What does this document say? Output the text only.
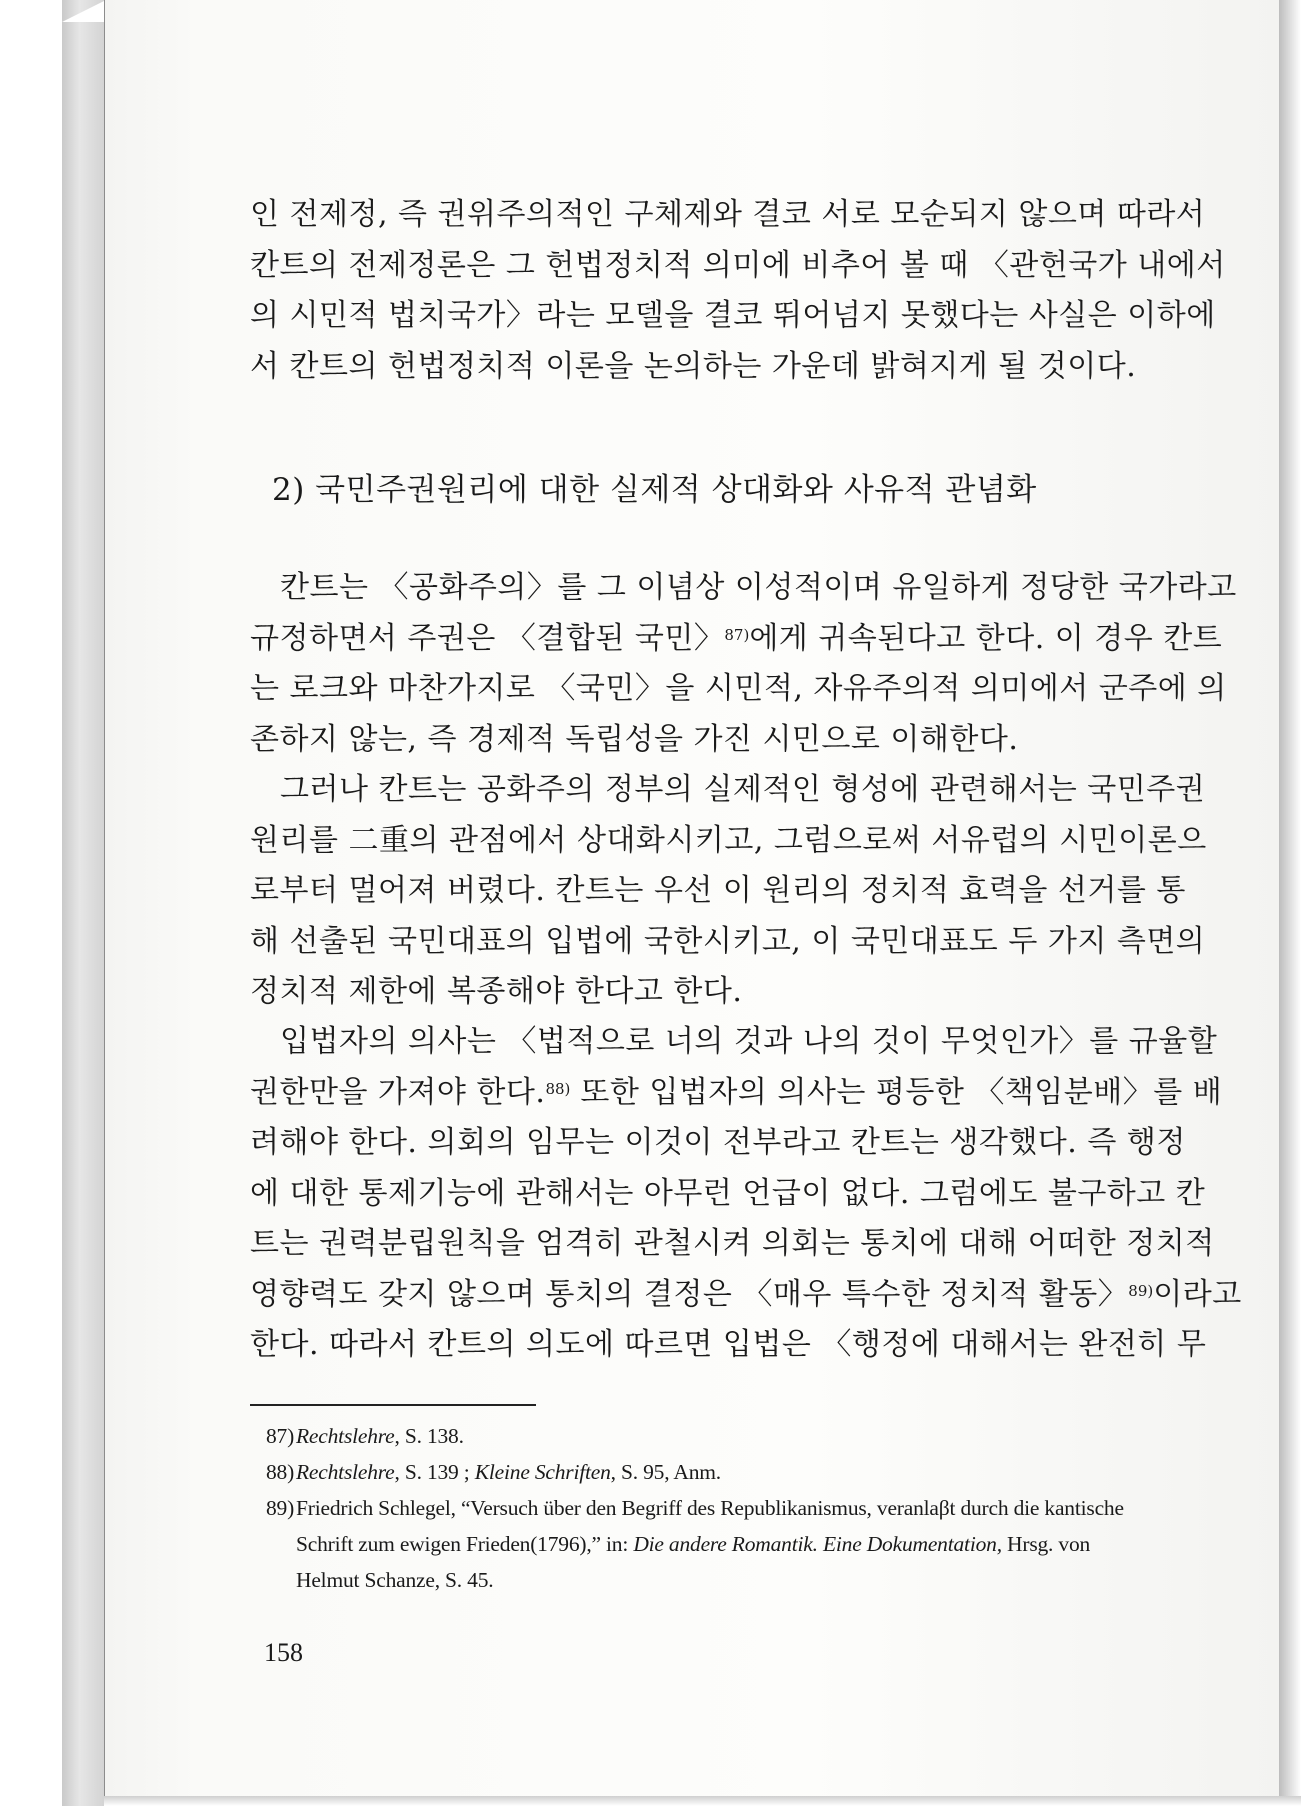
인 전제정, 즉 권위주의적인 구체제와 결코 서로 모순되지 않으며 따라서
칸트의 전제정론은 그 헌법정치적 의미에 비추어 볼 때 〈관헌국가 내에서
의 시민적 법치국가〉라는 모델을 결코 뛰어넘지 못했다는 사실은 이하에
서 칸트의 헌법정치적 이론을 논의하는 가운데 밝혀지게 될 것이다.
2) 국민주권원리에 대한 실제적 상대화와 사유적 관념화
칸트는 〈공화주의〉를 그 이념상 이성적이며 유일하게 정당한 국가라고
규정하면서 주권은 〈결합된 국민〉$^{87)}$에게 귀속된다고 한다. 이 경우 칸트
는 로크와 마찬가지로 〈국민〉을 시민적, 자유주의적 의미에서 군주에 의
존하지 않는, 즉 경제적 독립성을 가진 시민으로 이해한다.
그러나 칸트는 공화주의 정부의 실제적인 형성에 관련해서는 국민주권
원리를 二重의 관점에서 상대화시키고, 그럼으로써 서유럽의 시민이론으
로부터 멀어져 버렸다. 칸트는 우선 이 원리의 정치적 효력을 선거를 통
해 선출된 국민대표의 입법에 국한시키고, 이 국민대표도 두 가지 측면의
정치적 제한에 복종해야 한다고 한다.
입법자의 의사는 〈법적으로 너의 것과 나의 것이 무엇인가〉를 규율할
권한만을 가져야 한다.$^{88)}$ 또한 입법자의 의사는 평등한 〈책임분배〉를 배
려해야 한다. 의회의 임무는 이것이 전부라고 칸트는 생각했다. 즉 행정
에 대한 통제기능에 관해서는 아무런 언급이 없다. 그럼에도 불구하고 칸
트는 권력분립원칙을 엄격히 관철시켜 의회는 통치에 대해 어떠한 정치적
영향력도 갖지 않으며 통치의 결정은 〈매우 특수한 정치적 활동〉$^{89)}$이라고
한다. 따라서 칸트의 의도에 따르면 입법은 〈행정에 대해서는 완전히 무
87) Rechtslehre, S. 138.
88) Rechtslehre, S. 139 ; Kleine Schriften, S. 95, Anm.
89) Friedrich Schlegel, “Versuch über den Begriff des Republikanismus, veranlaβt durch die kantische Schrift zum ewigen Frieden(1796),” in: Die andere Romantik. Eine Dokumentation, Hrsg. von Helmut Schanze, S. 45.
158
